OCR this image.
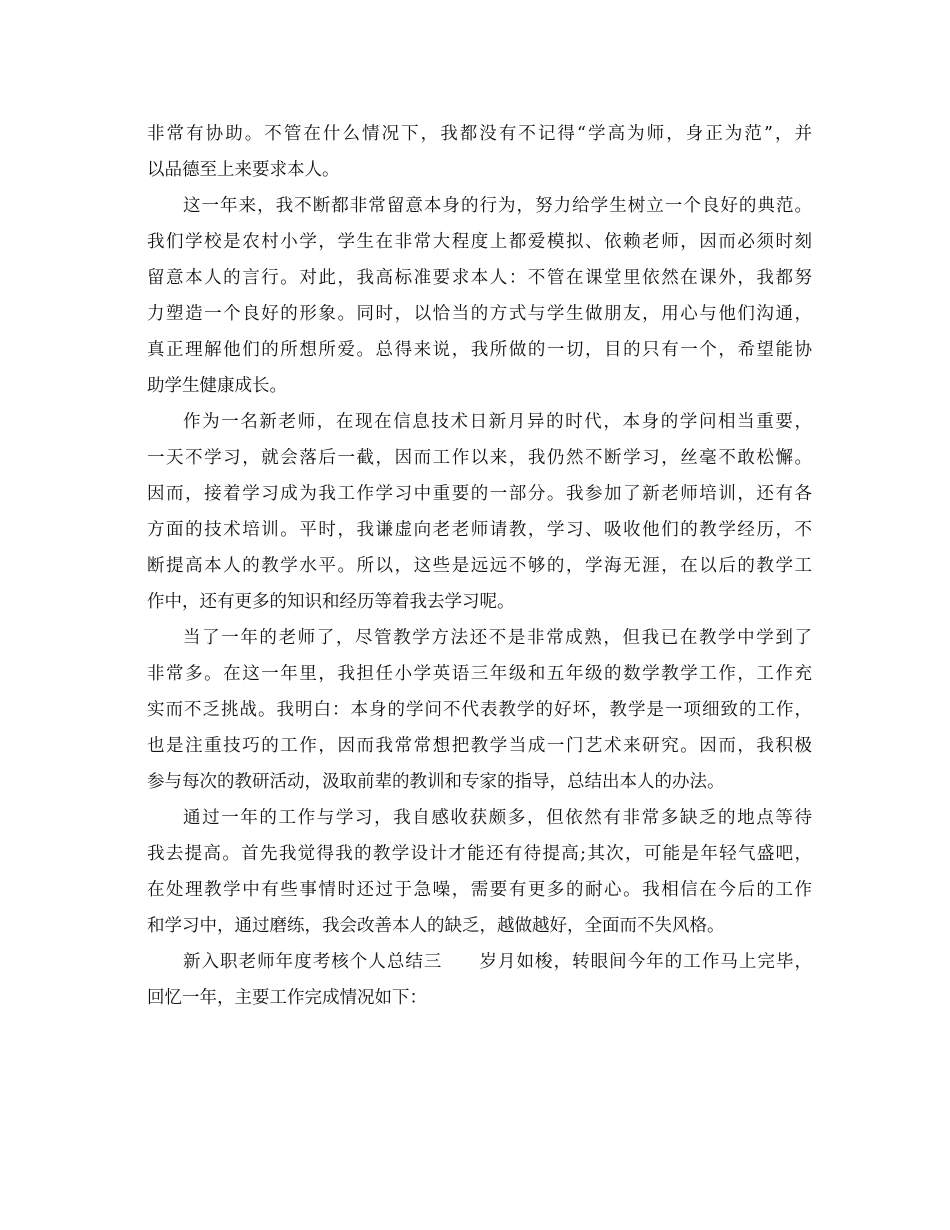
非常有协助。不管在什么情况下，我都没有不记得“学高为师，身正为范”，并
以品德至上来要求本人。
这一年来，我不断都非常留意本身的行为，努力给学生树立一个良好的典范。
我们学校是农村小学，学生在非常大程度上都爱模拟、依赖老师，因而必须时刻
留意本人的言行。对此，我高标准要求本人：不管在课堂里依然在课外，我都努
力塑造一个良好的形象。同时，以恰当的方式与学生做朋友，用心与他们沟通，
真正理解他们的所想所爱。总得来说，我所做的一切，目的只有一个，希望能协
助学生健康成长。
作为一名新老师，在现在信息技术日新月异的时代，本身的学问相当重要，
一天不学习，就会落后一截，因而工作以来，我仍然不断学习，丝毫不敢松懈。
因而，接着学习成为我工作学习中重要的一部分。我参加了新老师培训，还有各
方面的技术培训。平时，我谦虚向老老师请教，学习、吸收他们的教学经历，不
断提高本人的教学水平。所以，这些是远远不够的，学海无涯，在以后的教学工
作中，还有更多的知识和经历等着我去学习呢。
当了一年的老师了，尽管教学方法还不是非常成熟，但我已在教学中学到了
非常多。在这一年里，我担任小学英语三年级和五年级的数学教学工作，工作充
实而不乏挑战。我明白：本身的学问不代表教学的好坏，教学是一项细致的工作，
也是注重技巧的工作，因而我常常想把教学当成一门艺术来研究。因而，我积极
参与每次的教研活动，汲取前辈的教训和专家的指导，总结出本人的办法。
通过一年的工作与学习，我自感收获颇多，但依然有非常多缺乏的地点等待
我去提高。首先我觉得我的教学设计才能还有待提高;其次，可能是年轻气盛吧，
在处理教学中有些事情时还过于急噪，需要有更多的耐心。我相信在今后的工作
和学习中，通过磨练，我会改善本人的缺乏，越做越好，全面而不失风格。
新入职老师年度考核个人总结三 岁月如梭，转眼间今年的工作马上完毕，
回忆一年，主要工作完成情况如下：
